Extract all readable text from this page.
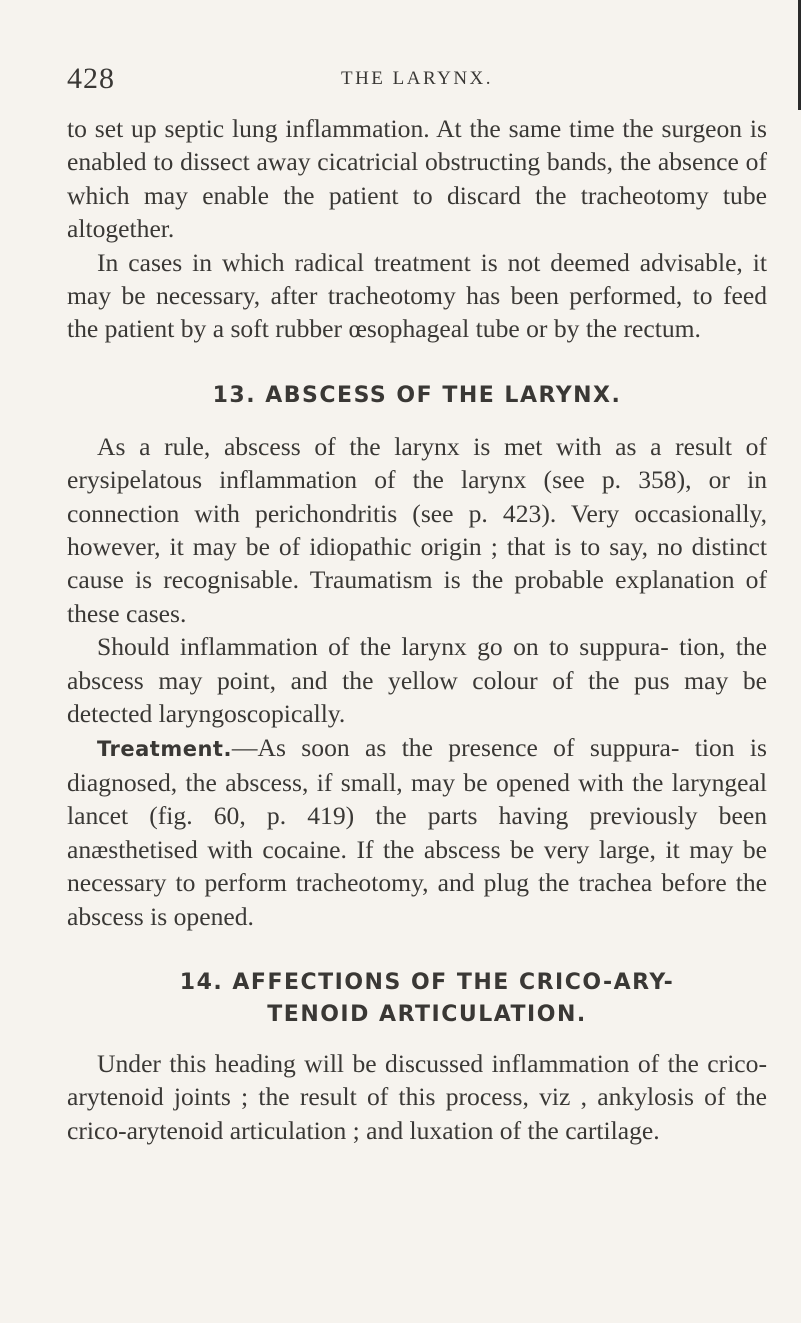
428	THE LARYNX.

to set up septic lung inflammation. At the same time the surgeon is enabled to dissect away cicatricial obstructing bands, the absence of which may enable the patient to discard the tracheotomy tube altogether.

In cases in which radical treatment is not deemed advisable, it may be necessary, after tracheotomy has been performed, to feed the patient by a soft rubber œsophageal tube or by the rectum.

13. ABSCESS OF THE LARYNX.

As a rule, abscess of the larynx is met with as a result of erysipelatous inflammation of the larynx (see p. 358), or in connection with perichondritis (see p. 423). Very occasionally, however, it may be of idiopathic origin ; that is to say, no distinct cause is recognisable. Traumatism is the probable explanation of these cases.

Should inflammation of the larynx go on to suppura- tion, the abscess may point, and the yellow colour of the pus may be detected laryngoscopically.

Treatment.—As soon as the presence of suppura- tion is diagnosed, the abscess, if small, may be opened with the laryngeal lancet (fig. 60, p. 419) the parts having previously been anæsthetised with cocaine. If the abscess be very large, it may be necessary to perform tracheotomy, and plug the trachea before the abscess is opened.

14. AFFECTIONS OF THE CRICO-ARY-
TENOID ARTICULATION.

Under this heading will be discussed inflammation of the crico-arytenoid joints ; the result of this process, viz , ankylosis of the crico-arytenoid articulation ; and luxation of the cartilage.
